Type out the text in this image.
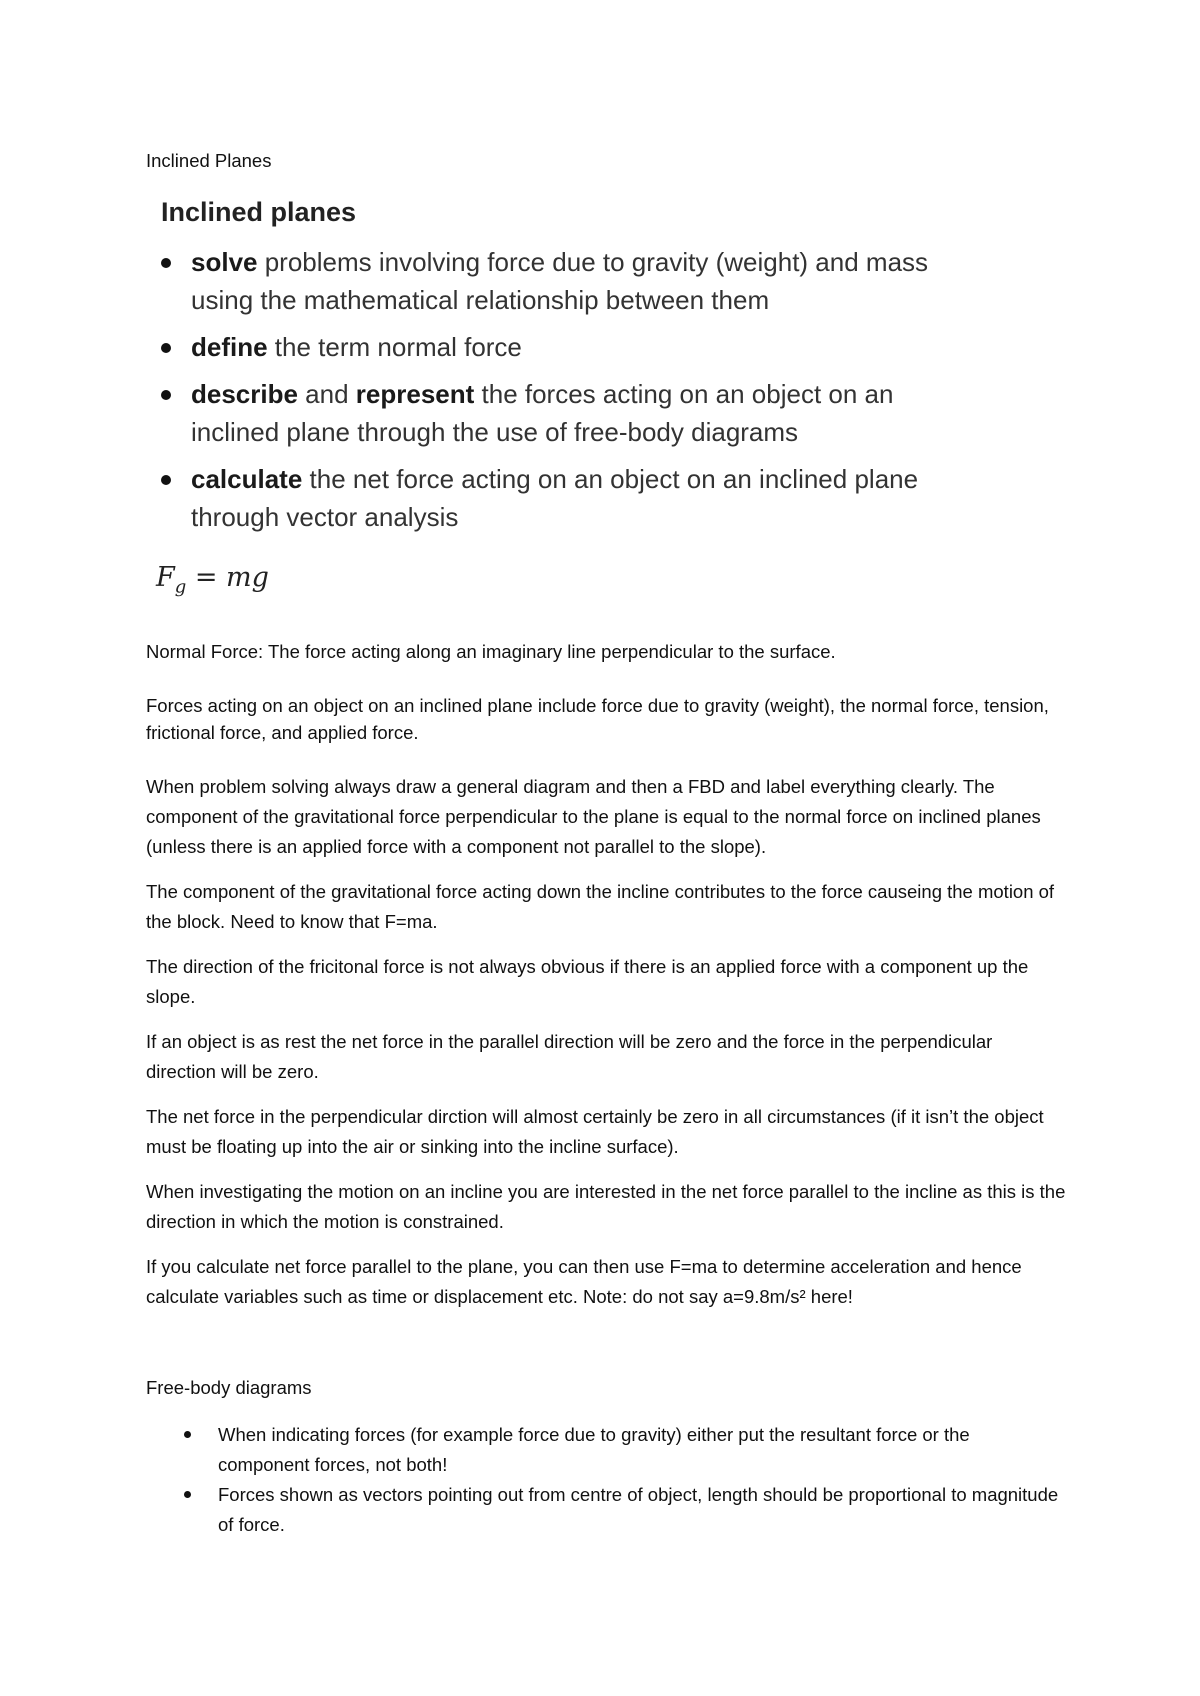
Inclined Planes

Inclined planes
solve problems involving force due to gravity (weight) and mass using the mathematical relationship between them
define the term normal force
describe and represent the forces acting on an object on an inclined plane through the use of free-body diagrams
calculate the net force acting on an object on an inclined plane through vector analysis
$F_g$ = mg

Normal Force: The force acting along an imaginary line perpendicular to the surface.

Forces acting on an object on an inclined plane include force due to gravity (weight), the normal force, tension, frictional force, and applied force.

When problem solving always draw a general diagram and then a FBD and label everything clearly. The component of the gravitational force perpendicular to the plane is equal to the normal force on inclined planes (unless there is an applied force with a component not parallel to the slope).

The component of the gravitational force acting down the incline contributes to the force causeing the motion of the block. Need to know that F=ma.

The direction of the fricitonal force is not always obvious if there is an applied force with a component up the slope.

If an object is as rest the net force in the parallel direction will be zero and the force in the perpendicular direction will be zero.

The net force in the perpendicular dirction will almost certainly be zero in all circumstances (if it isn’t the object must be floating up into the air or sinking into the incline surface).

When investigating the motion on an incline you are interested in the net force parallel to the incline as this is the direction in which the motion is constrained.

If you calculate net force parallel to the plane, you can then use F=ma to determine acceleration and hence calculate variables such as time or displacement etc. Note: do not say a=9.8m/s² here!

Free-body diagrams

When indicating forces (for example force due to gravity) either put the resultant force or the component forces, not both!
Forces shown as vectors pointing out from centre of object, length should be proportional to magnitude of force.
